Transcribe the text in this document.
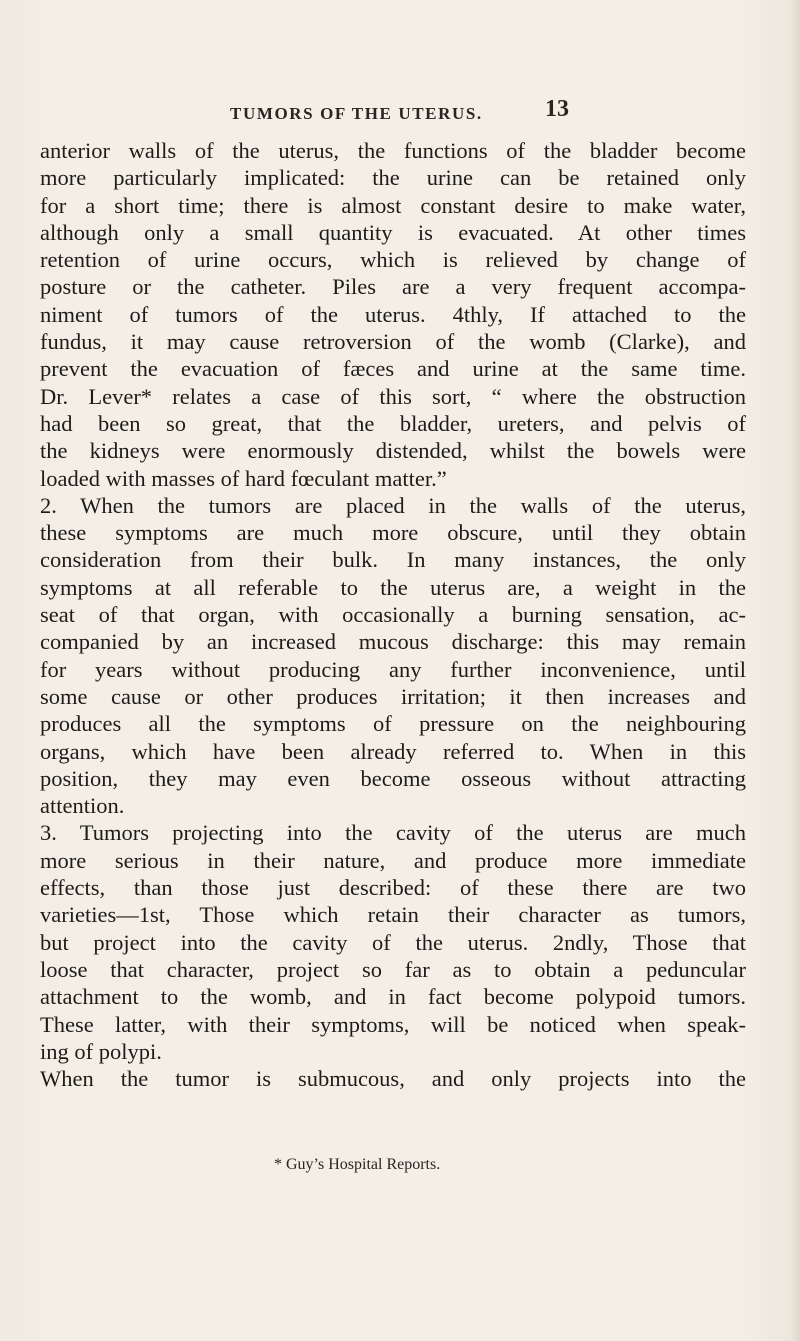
TUMORS OF THE UTERUS.	13
anterior walls of the uterus, the functions of the bladder become
more particularly implicated: the urine can be retained only
for a short time; there is almost constant desire to make water,
although only a small quantity is evacuated. At other times
retention of urine occurs, which is relieved by change of
posture or the catheter. Piles are a very frequent accompa-
niment of tumors of the uterus. 4thly, If attached to the
fundus, it may cause retroversion of the womb (Clarke), and
prevent the evacuation of fæces and urine at the same time.
Dr. Lever* relates a case of this sort, “ where the obstruction
had been so great, that the bladder, ureters, and pelvis of
the kidneys were enormously distended, whilst the bowels were
loaded with masses of hard fœculant matter.”
2. When the tumors are placed in the walls of the uterus,
these symptoms are much more obscure, until they obtain
consideration from their bulk. In many instances, the only
symptoms at all referable to the uterus are, a weight in the
seat of that organ, with occasionally a burning sensation, ac-
companied by an increased mucous discharge: this may remain
for years without producing any further inconvenience, until
some cause or other produces irritation; it then increases and
produces all the symptoms of pressure on the neighbouring
organs, which have been already referred to. When in this
position, they may even become osseous without attracting
attention.
3. Tumors projecting into the cavity of the uterus are much
more serious in their nature, and produce more immediate
effects, than those just described: of these there are two
varieties—1st, Those which retain their character as tumors,
but project into the cavity of the uterus. 2ndly, Those that
loose that character, project so far as to obtain a peduncular
attachment to the womb, and in fact become polypoid tumors.
These latter, with their symptoms, will be noticed when speak-
ing of polypi.
When the tumor is submucous, and only projects into the
* Guy’s Hospital Reports.
